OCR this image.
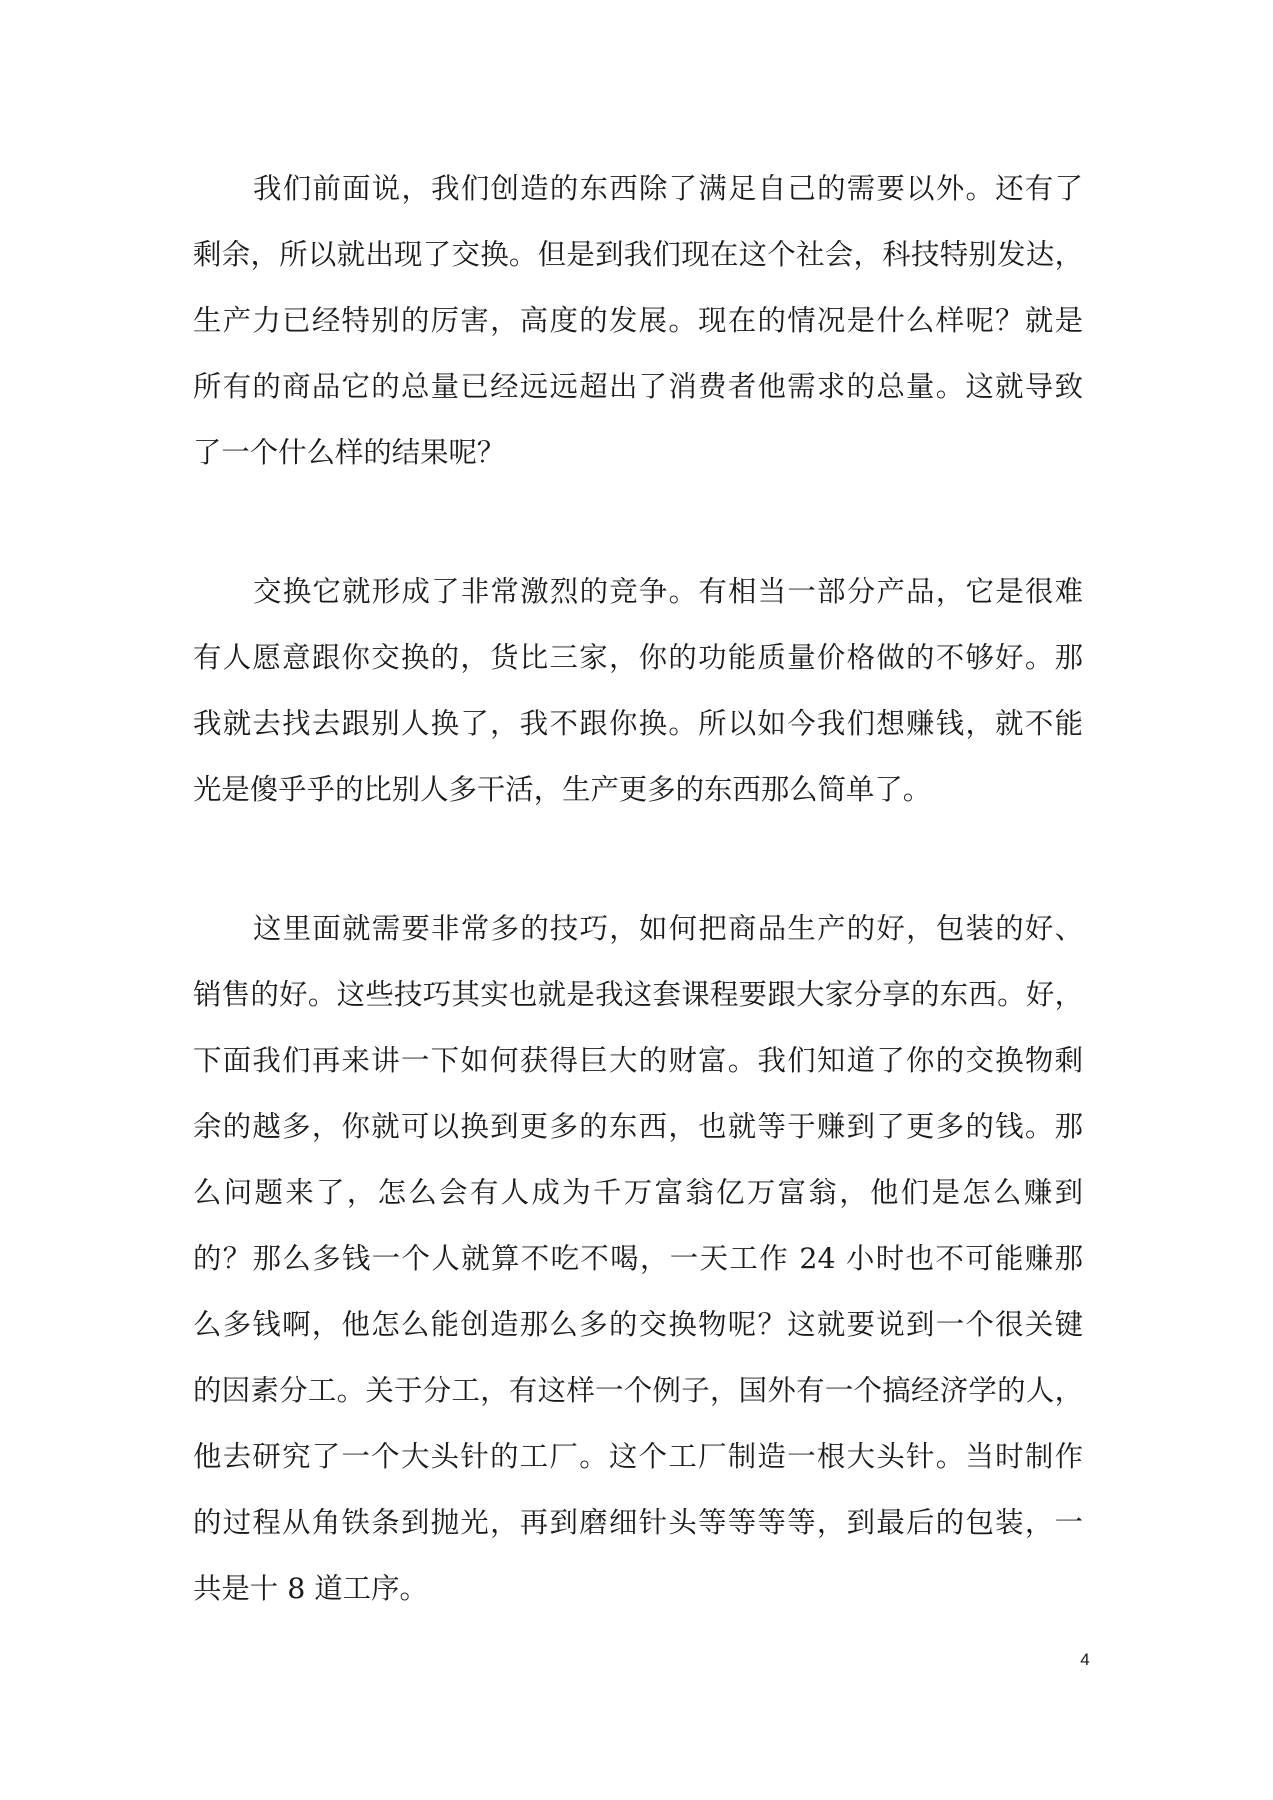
我们前面说，我们创造的东西除了满足自己的需要以外。还有了
剩余，所以就出现了交换。但是到我们现在这个社会，科技特别发达，
生产力已经特别的厉害，高度的发展。现在的情况是什么样呢？就是
所有的商品它的总量已经远远超出了消费者他需求的总量。这就导致
了一个什么样的结果呢？
交换它就形成了非常激烈的竞争。有相当一部分产品，它是很难
有人愿意跟你交换的，货比三家，你的功能质量价格做的不够好。那
我就去找去跟别人换了，我不跟你换。所以如今我们想赚钱，就不能
光是傻乎乎的比别人多干活，生产更多的东西那么简单了。
这里面就需要非常多的技巧，如何把商品生产的好，包装的好、
销售的好。这些技巧其实也就是我这套课程要跟大家分享的东西。好，
下面我们再来讲一下如何获得巨大的财富。我们知道了你的交换物剩
余的越多，你就可以换到更多的东西，也就等于赚到了更多的钱。那
么问题来了，怎么会有人成为千万富翁亿万富翁，他们是怎么赚到
的？那么多钱一个人就算不吃不喝，一天工作 24 小时也不可能赚那
么多钱啊，他怎么能创造那么多的交换物呢？这就要说到一个很关键
的因素分工。关于分工，有这样一个例子，国外有一个搞经济学的人，
他去研究了一个大头针的工厂。这个工厂制造一根大头针。当时制作
的过程从角铁条到抛光，再到磨细针头等等等等，到最后的包装，一
共是十 8 道工序。
4
